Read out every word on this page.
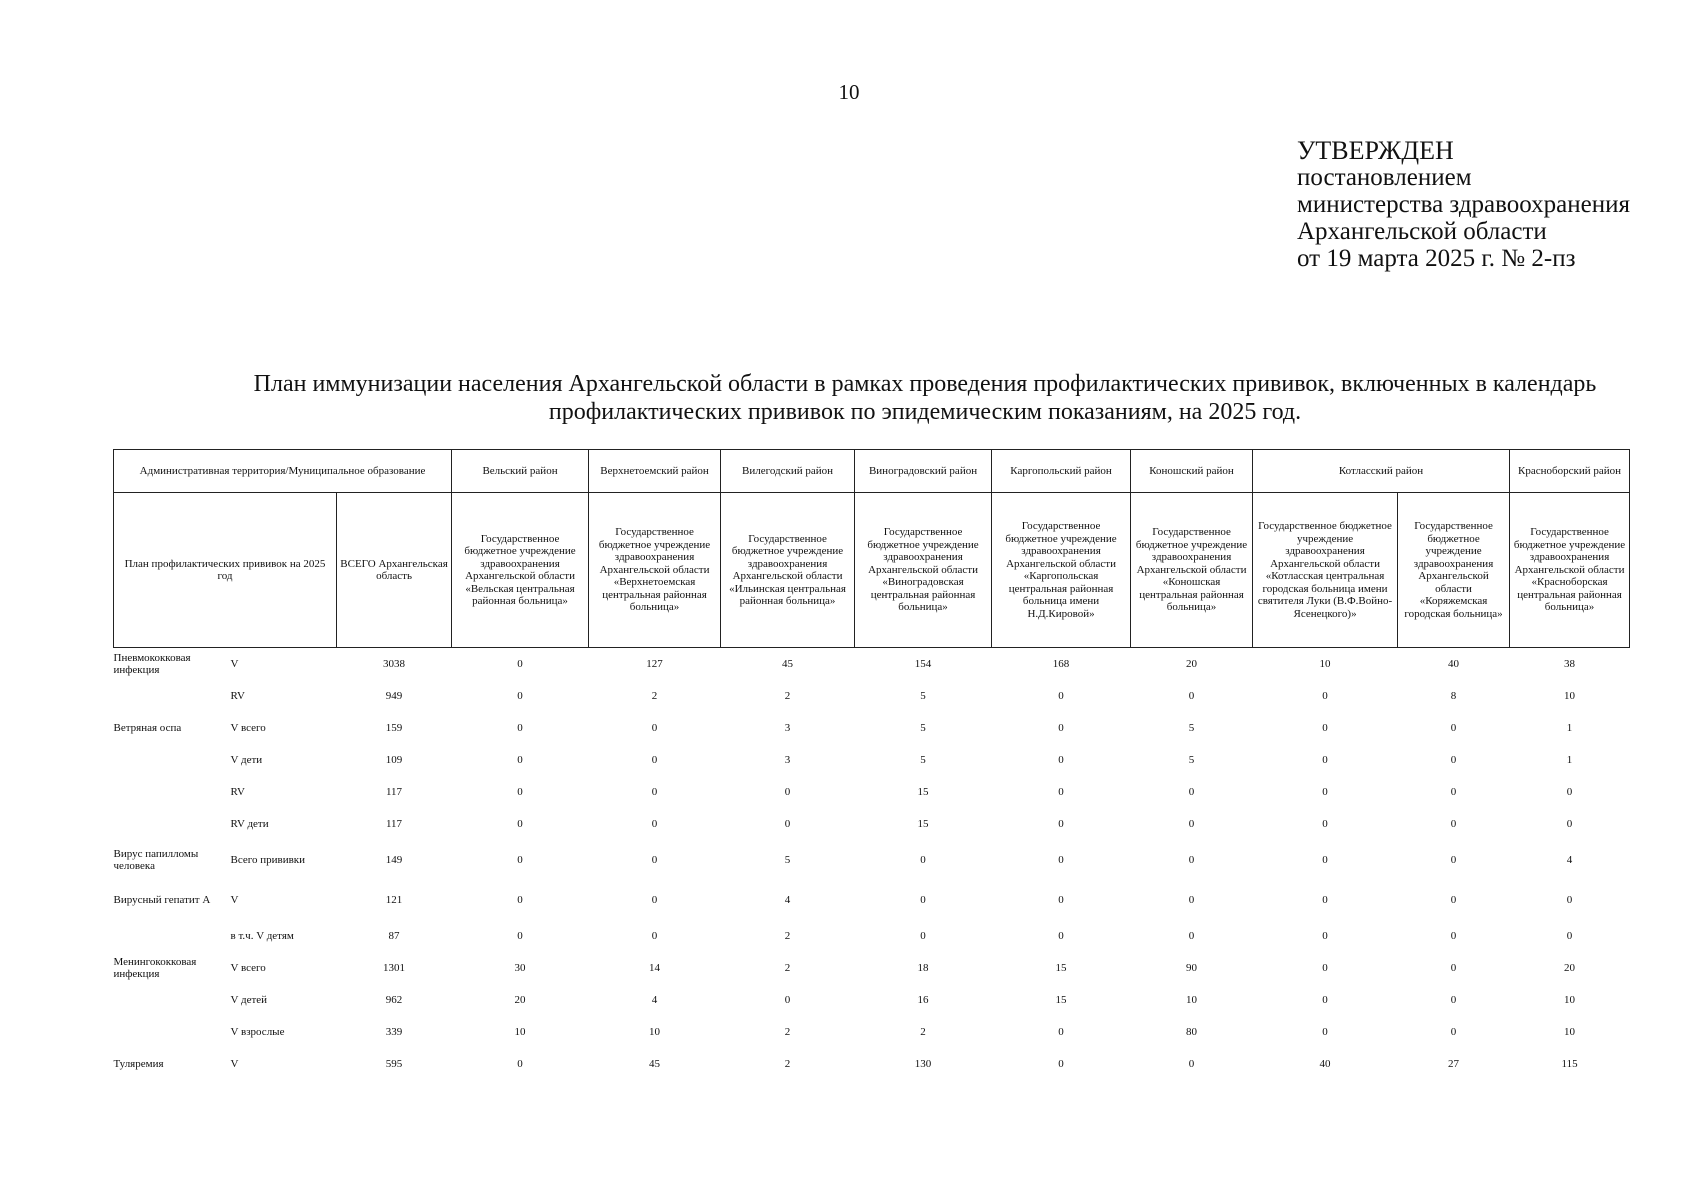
10
УТВЕРЖДЕН
постановлением
министерства здравоохранения
Архангельской области
от 19 марта 2025 г. № 2-пз
План иммунизации населения Архангельской области в рамках проведения профилактических прививок, включенных в календарь
профилактических прививок по эпидемическим показаниям, на 2025 год.
Административная территория/Муниципальное образование			Вельский район	Верхнетоемский район	Вилегодский район	Виноградовский район	Каргопольский район	Коношский район	Котласский район		Красноборский район
План профилактических прививок на 2025 год		ВСЕГО Архангельская область	Государственное бюджетное учреждение здравоохранения Архангельской области «Вельская центральная районная больница»	Государственное бюджетное учреждение здравоохранения Архангельской области «Верхнетоемская центральная районная больница»	Государственное бюджетное учреждение здравоохранения Архангельской области «Ильинская центральная районная больница»	Государственное бюджетное учреждение здравоохранения Архангельской области «Виноградовская центральная районная больница»	Государственное бюджетное учреждение здравоохранения Архангельской области «Каргопольская центральная районная больница имени Н.Д.Кировой»	Государственное бюджетное учреждение здравоохранения Архангельской области «Коношская центральная районная больница»	Государственное бюджетное учреждение здравоохранения Архангельской области «Котласская центральная городская больница имени святителя Луки (В.Ф.Войно-Ясенецкого)»	Государственное бюджетное учреждение здравоохранения Архангельской области «Коряжемская городская больница»	Государственное бюджетное учреждение здравоохранения Архангельской области «Красноборская центральная районная больница»
Пневмококковая инфекция	V	3038	0	127	45	154	168	20	10	40	38
	RV	949	0	2	2	5	0	0	0	8	10
Ветряная оспа	V всего	159	0	0	3	5	0	5	0	0	1
	V дети	109	0	0	3	5	0	5	0	0	1
	RV	117	0	0	0	15	0	0	0	0	0
	RV дети	117	0	0	0	15	0	0	0	0	0
Вирус папилломы человека	Всего прививки	149	0	0	5	0	0	0	0	0	4
Вирусный гепатит А	V	121	0	0	4	0	0	0	0	0	0
	в т.ч. V детям	87	0	0	2	0	0	0	0	0	0
Менингококковая инфекция	V всего	1301	30	14	2	18	15	90	0	0	20
	V детей	962	20	4	0	16	15	10	0	0	10
	V взрослые	339	10	10	2	2	0	80	0	0	10
Туляремия	V	595	0	45	2	130	0	0	40	27	115
